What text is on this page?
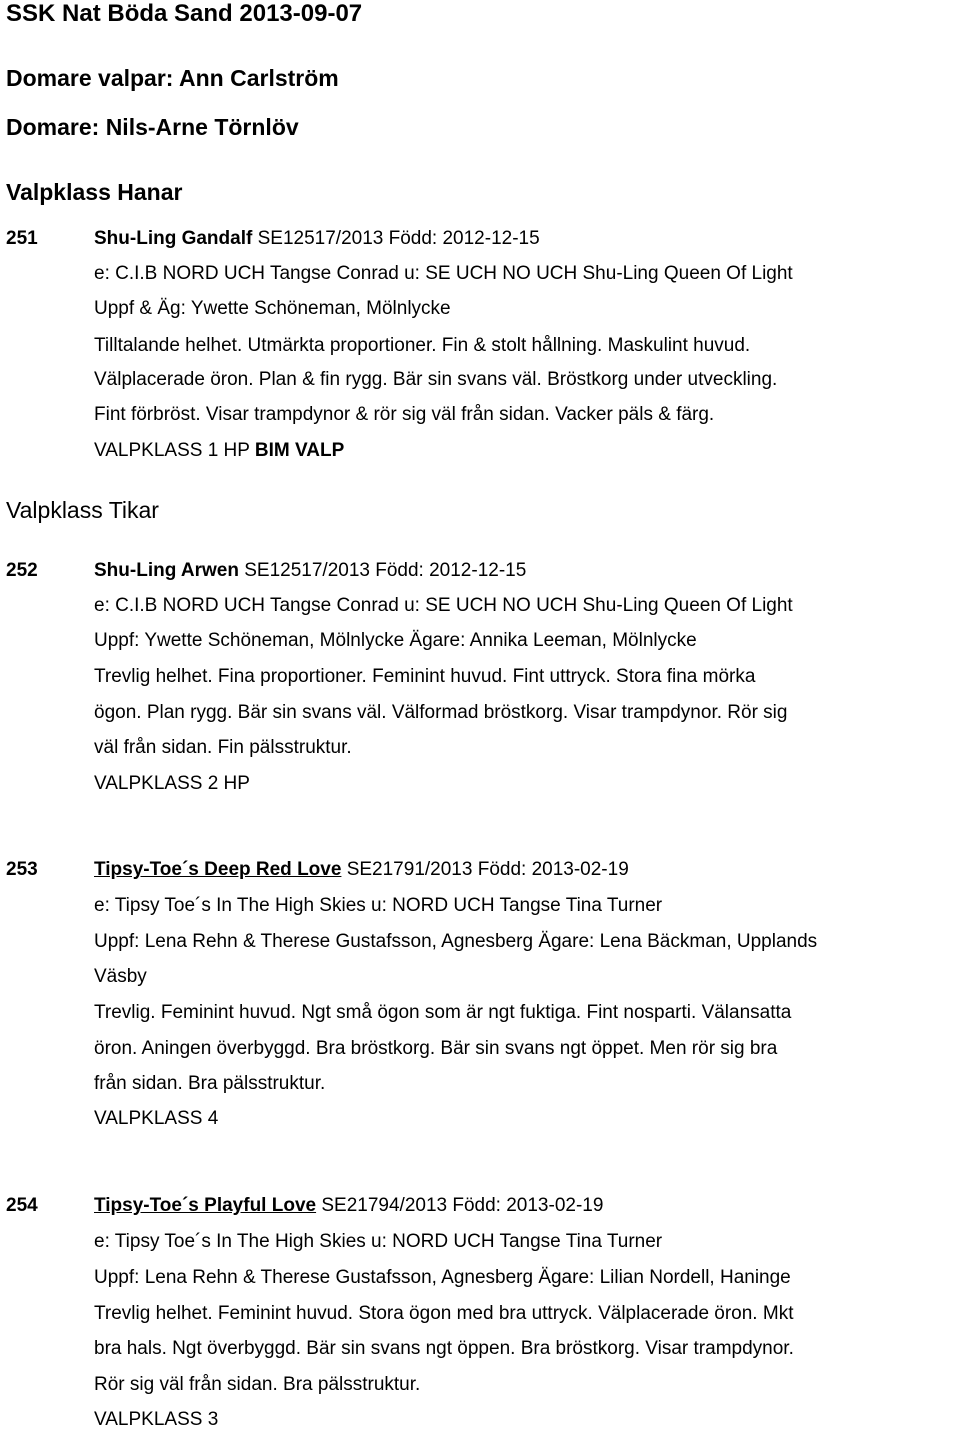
SSK Nat Böda Sand 2013-09-07
Domare valpar: Ann Carlström
Domare: Nils-Arne Törnlöv
Valpklass Hanar
251	Shu-Ling Gandalf SE12517/2013 Född: 2012-12-15
e: C.I.B NORD UCH Tangse Conrad u: SE UCH NO UCH Shu-Ling Queen Of Light
Uppf & Äg: Ywette Schöneman, Mölnlycke
Tilltalande helhet. Utmärkta proportioner. Fin & stolt hållning. Maskulint huvud.
Välplacerade öron. Plan & fin rygg. Bär sin svans väl. Bröstkorg under utveckling.
Fint förbröst. Visar trampdynor & rör sig väl från sidan. Vacker päls & färg.
VALPKLASS 1 HP BIM VALP
Valpklass Tikar
252	Shu-Ling Arwen SE12517/2013 Född: 2012-12-15
e: C.I.B NORD UCH Tangse Conrad u: SE UCH NO UCH Shu-Ling Queen Of Light
Uppf: Ywette Schöneman, Mölnlycke Ägare: Annika Leeman, Mölnlycke
Trevlig helhet. Fina proportioner. Feminint huvud. Fint uttryck. Stora fina mörka
ögon. Plan rygg. Bär sin svans väl. Välformad bröstkorg. Visar trampdynor. Rör sig
väl från sidan. Fin pälsstruktur.
VALPKLASS 2 HP
253	Tipsy-Toe´s Deep Red Love SE21791/2013 Född: 2013-02-19
e: Tipsy Toe´s In The High Skies u: NORD UCH Tangse Tina Turner
Uppf: Lena Rehn & Therese Gustafsson, Agnesberg Ägare: Lena Bäckman, Upplands
Väsby
Trevlig. Feminint huvud. Ngt små ögon som är ngt fuktiga. Fint nosparti. Välansatta
öron. Aningen överbyggd. Bra bröstkorg. Bär sin svans ngt öppet. Men rör sig bra
från sidan. Bra pälsstruktur.
VALPKLASS 4
254	Tipsy-Toe´s Playful Love SE21794/2013 Född: 2013-02-19
e: Tipsy Toe´s In The High Skies u: NORD UCH Tangse Tina Turner
Uppf: Lena Rehn & Therese Gustafsson, Agnesberg Ägare: Lilian Nordell, Haninge
Trevlig helhet. Feminint huvud. Stora ögon med bra uttryck. Välplacerade öron. Mkt
bra hals. Ngt överbyggd. Bär sin svans ngt öppen. Bra bröstkorg. Visar trampdynor.
Rör sig väl från sidan. Bra pälsstruktur.
VALPKLASS 3
